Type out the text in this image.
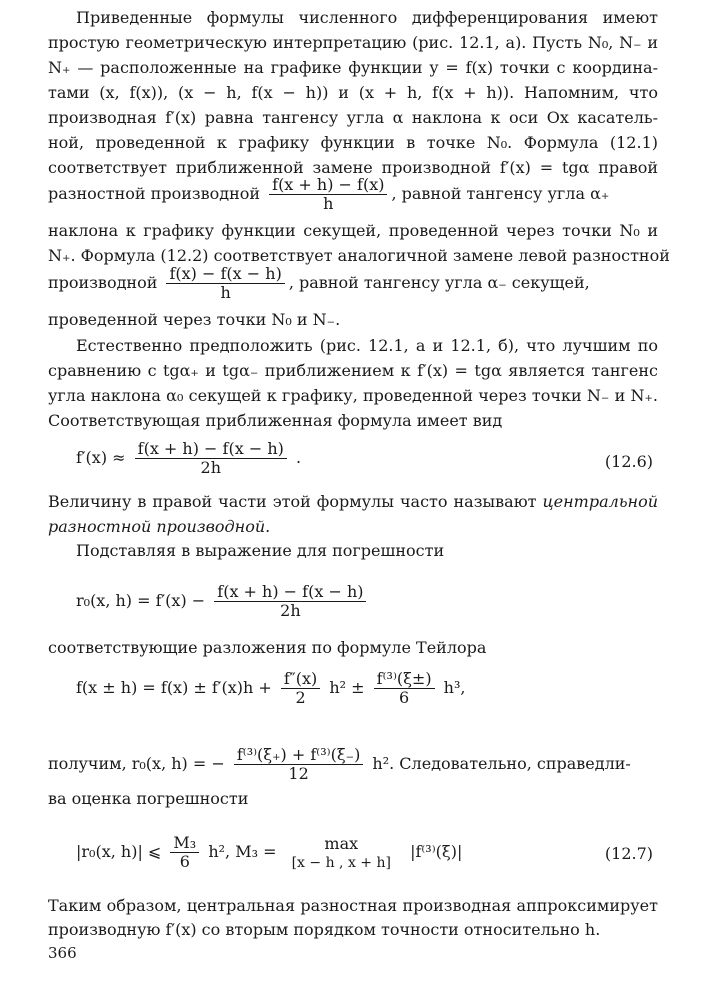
Приведенные формулы численного дифференцирования имеют
простую геометрическую интерпретацию (рис. 12.1, а). Пусть N₀, N₋ и
N₊ — расположенные на графике функции y = f(x) точки с координа-
тами (x, f(x)), (x − h, f(x − h)) и (x + h, f(x + h)). Напомним, что
производная f′(x) равна тангенсу угла α наклона к оси Ox касатель-
ной, проведенной к графику функции в точке N₀. Формула (12.1)
соответствует приближенной замене производной f′(x) = tgα правой
разностной производной $\frac{f(x + h) - f(x)}{h}$ , равной тангенсу угла α₊
наклона к графику функции секущей, проведенной через точки N₀ и
N₊. Формула (12.2) соответствует аналогичной замене левой разностной
производной $\frac{f(x) - f(x - h)}{h}$ , равной тангенсу угла α₋ секущей,
проведенной через точки N₀ и N₋.
Естественно предположить (рис. 12.1, а и 12.1, б), что лучшим по
сравнению с tgα₊ и tgα₋ приближением к f′(x) = tgα является тангенс
угла наклона α₀ секущей к графику, проведенной через точки N₋ и N₊.
Соответствующая приближенная формула имеет вид
$f'(x) \approx \frac{f(x + h) - f(x - h)}{2h}$ .	(12.6)
Величину в правой части этой формулы часто называют центральной
разностной производной.
Подставляя в выражение для погрешности
r₀(x, $h) = f'(x) - \frac{f(x + h) - f(x - h)}{2h}$
соответствующие разложения по формуле Тейлора
$f(x \pm h) = f(x) \pm f'(x)h + \frac{f''(x)}{2} h^2 \pm \frac{\text{f⁽³⁾(ξ±)}}{6} h^3$,
получим, r₀(x, h) = − $\frac{\text{f⁽³⁾(ξ₊) + f⁽³⁾(ξ₋)}}{12} h^2$. Следовательно, справедли-
ва оценка погрешности
|r₀(x, h)| ⩽ $\frac{\text{M₃}}{6} h^2$, M₃ =	max
[x − h , x + h]
|f⁽³⁾(ξ)|	(12.7)
Таким образом, центральная разностная производная аппроксимирует
производную f′(x) со вторым порядком точности относительно h.
366
